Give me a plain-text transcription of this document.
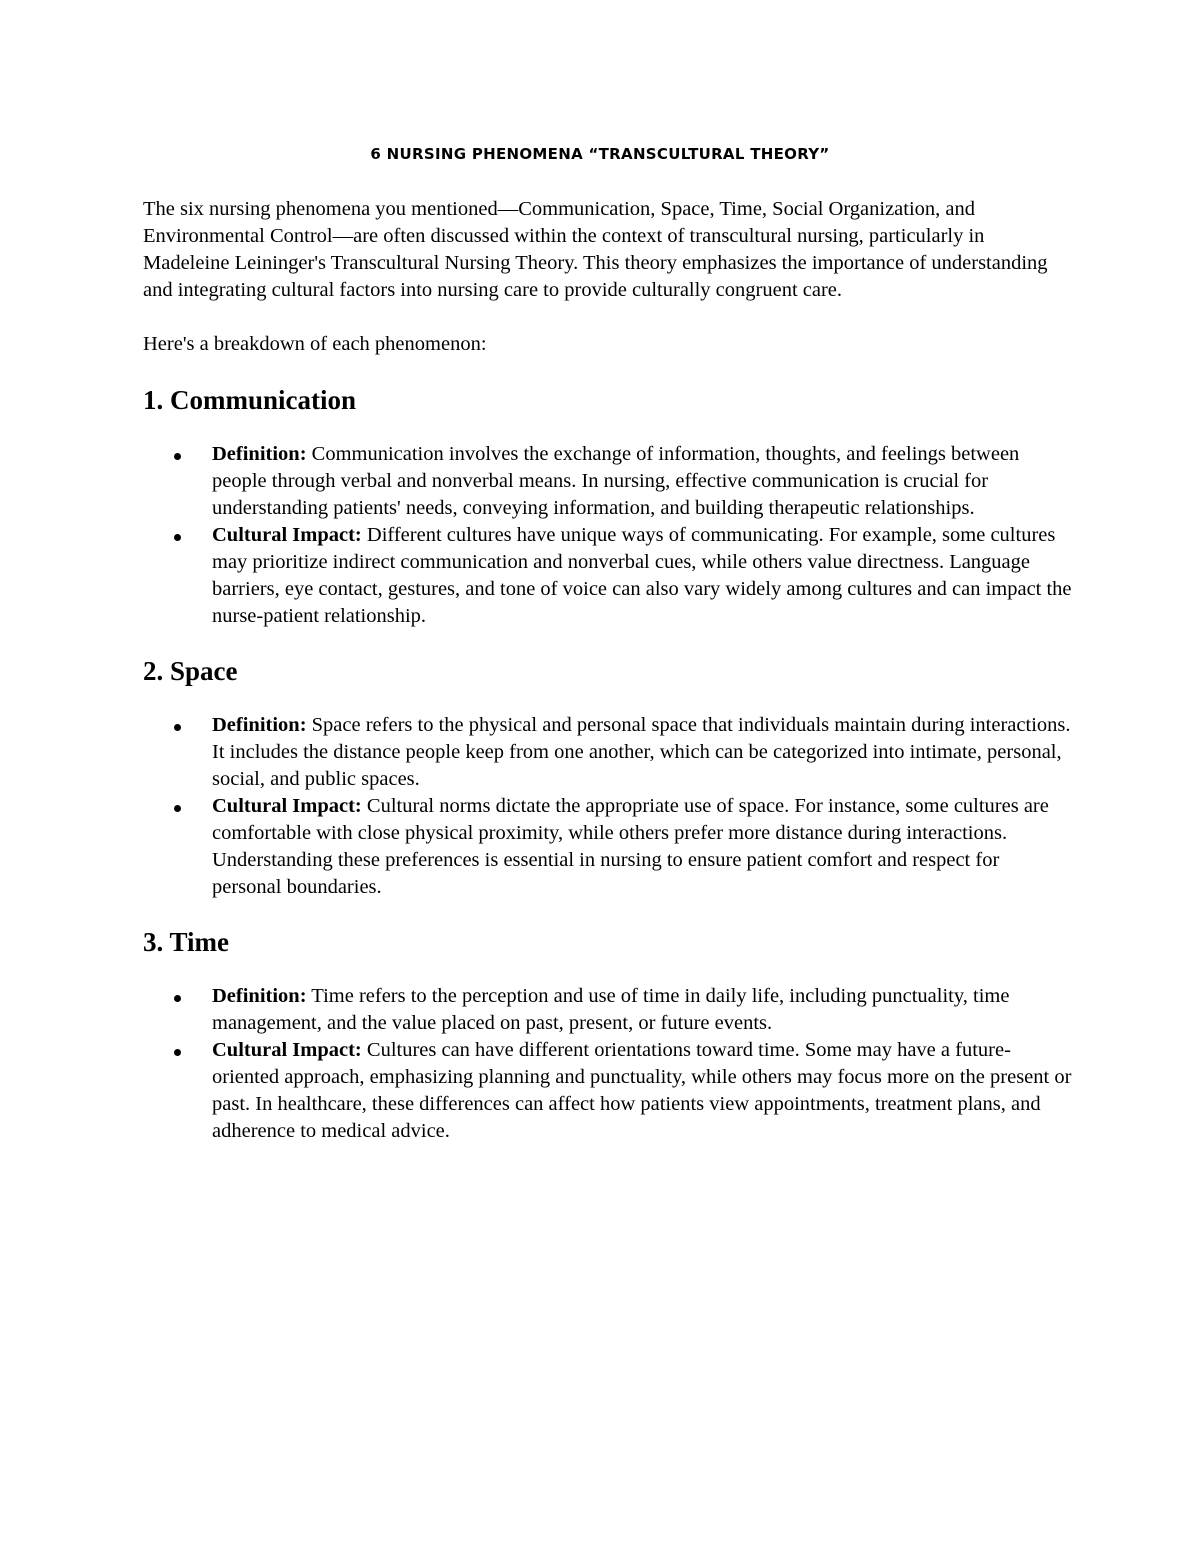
6 NURSING PHENOMENA “TRANSCULTURAL THEORY”

The six nursing phenomena you mentioned—Communication, Space, Time, Social Organization, and Environmental Control—are often discussed within the context of transcultural nursing, particularly in Madeleine Leininger's Transcultural Nursing Theory. This theory emphasizes the importance of understanding and integrating cultural factors into nursing care to provide culturally congruent care.

Here's a breakdown of each phenomenon:

1. Communication
Definition: Communication involves the exchange of information, thoughts, and feelings between people through verbal and nonverbal means. In nursing, effective communication is crucial for understanding patients' needs, conveying information, and building therapeutic relationships.
Cultural Impact: Different cultures have unique ways of communicating. For example, some cultures may prioritize indirect communication and nonverbal cues, while others value directness. Language barriers, eye contact, gestures, and tone of voice can also vary widely among cultures and can impact the nurse-patient relationship.
2. Space
Definition: Space refers to the physical and personal space that individuals maintain during interactions. It includes the distance people keep from one another, which can be categorized into intimate, personal, social, and public spaces.
Cultural Impact: Cultural norms dictate the appropriate use of space. For instance, some cultures are comfortable with close physical proximity, while others prefer more distance during interactions. Understanding these preferences is essential in nursing to ensure patient comfort and respect for personal boundaries.
3. Time
Definition: Time refers to the perception and use of time in daily life, including punctuality, time management, and the value placed on past, present, or future events.
Cultural Impact: Cultures can have different orientations toward time. Some may have a future-oriented approach, emphasizing planning and punctuality, while others may focus more on the present or past. In healthcare, these differences can affect how patients view appointments, treatment plans, and adherence to medical advice.
